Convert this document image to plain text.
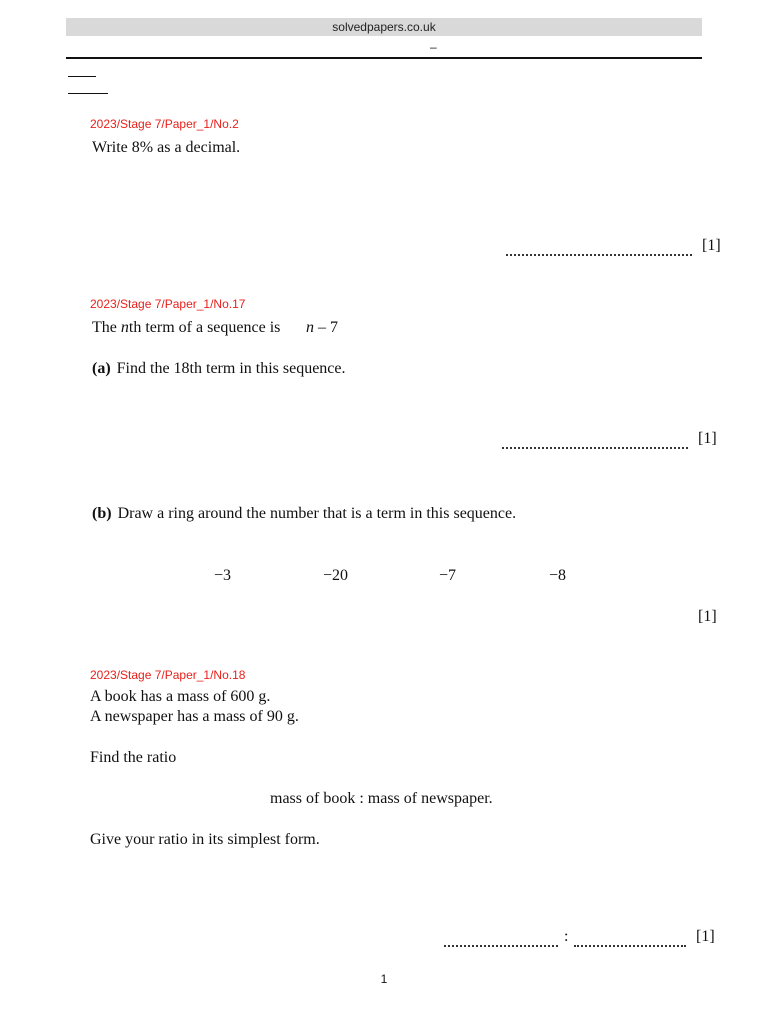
solvedpapers.co.uk
–
2023/Stage 7/Paper_1/No.2
Write 8% as a decimal.
[1]
2023/Stage 7/Paper_1/No.17
The nth term of a sequence is n – 7
(a) Find the 18th term in this sequence.
[1]
(b) Draw a ring around the number that is a term in this sequence.
−3	−20	−7	−8
[1]
2023/Stage 7/Paper_1/No.18
A book has a mass of 600 g.
A newspaper has a mass of 90 g.
Find the ratio
mass of book : mass of newspaper.
Give your ratio in its simplest form.
:	[1]
1
